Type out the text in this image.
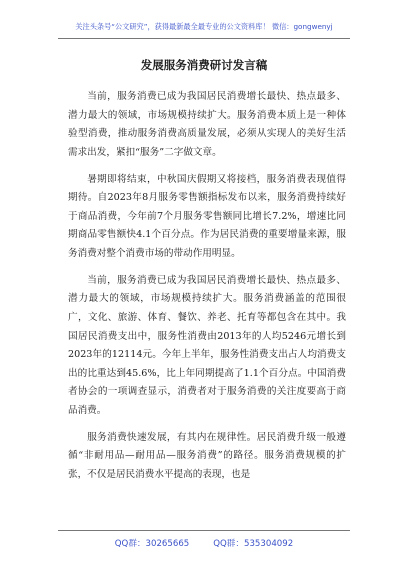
关注头条号“公文研究”，获得最新最全最专业的公文资料库！ 微信：gongwenyj
发展服务消费研讨发言稿

当前，服务消费已成为我国居民消费增长最快、热点最多、潜力最大的领域，市场规模持续扩大。服务消费本质上是一种体验型消费，推动服务消费高质量发展，必须从实现人的美好生活需求出发，紧扣“服务”二字做文章。

暑期即将结束，中秋国庆假期又将接档，服务消费表现值得期待。自2023年8月服务零售额指标发布以来，服务消费持续好于商品消费，今年前7个月服务零售额同比增长7.2%，增速比同期商品零售额快4.1个百分点。作为居民消费的重要增量来源，服务消费对整个消费市场的带动作用明显。

当前，服务消费已成为我国居民消费增长最快、热点最多、潜力最大的领域，市场规模持续扩大。服务消费涵盖的范围很广，文化、旅游、体育、餐饮、养老、托育等都包含在其中。我国居民消费支出中，服务性消费由2013年的人均5246元增长到2023年的12114元。今年上半年，服务性消费支出占人均消费支出的比重达到45.6%，比上年同期提高了1.1个百分点。中国消费者协会的一项调查显示，消费者对于服务消费的关注度要高于商品消费。

服务消费快速发展，有其内在规律性。居民消费升级一般遵循“非耐用品—耐用品—服务消费”的路径。服务消费规模的扩张，不仅是居民消费水平提高的表现，也是

QQ群：30265665	QQ群：535304092
